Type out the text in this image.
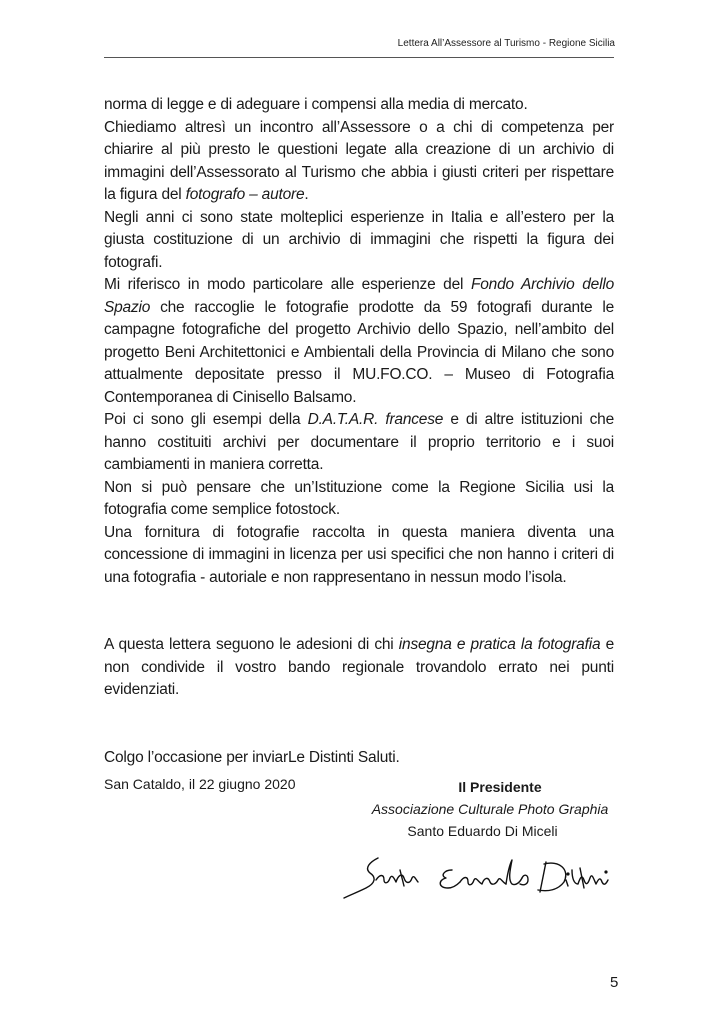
Lettera All’Assessore al Turismo - Regione Sicilia

norma di legge e di adeguare i compensi alla media di mercato.

Chiediamo altresì un incontro all’Assessore o a chi di competenza per chiarire al più presto le questioni legate alla creazione di un archivio di immagini dell’Assessorato al Turismo che abbia i giusti criteri per rispettare la figura del fotografo – autore.

Negli anni ci sono state molteplici esperienze in Italia e all’estero per la giusta costituzione di un archivio di immagini che rispetti la figura dei fotografi.

Mi riferisco in modo particolare alle esperienze del Fondo Archivio dello Spazio che raccoglie le fotografie prodotte da 59 fotografi durante le campagne fotografiche del progetto Archivio dello Spazio, nell’ambito del progetto Beni Architettonici e Ambientali della Provincia di Milano che sono attualmente depositate presso il MU.FO.CO. – Museo di Fotografia Contemporanea di Cinisello Balsamo.

Poi ci sono gli esempi della D.A.T.A.R. francese e di altre istituzioni che hanno costituiti archivi per documentare il proprio territorio e i suoi cambiamenti in maniera corretta.

Non si può pensare che un’Istituzione come la Regione Sicilia usi la fotografia come semplice fotostock.

Una fornitura di fotografie raccolta in questa maniera diventa una concessione di immagini in licenza per usi specifici che non hanno i criteri di una fotografia - autoriale e non rappresentano in nessun modo l’isola.

A questa lettera seguono le adesioni di chi insegna e pratica la fotografia e non condivide il vostro bando regionale trovandolo errato nei punti evidenziati.

Colgo l’occasione per inviarLe Distinti Saluti.

San Cataldo, il 22 giugno 2020	Il Presidente
Associazione Culturale Photo Graphia
Santo Eduardo Di Miceli
5
